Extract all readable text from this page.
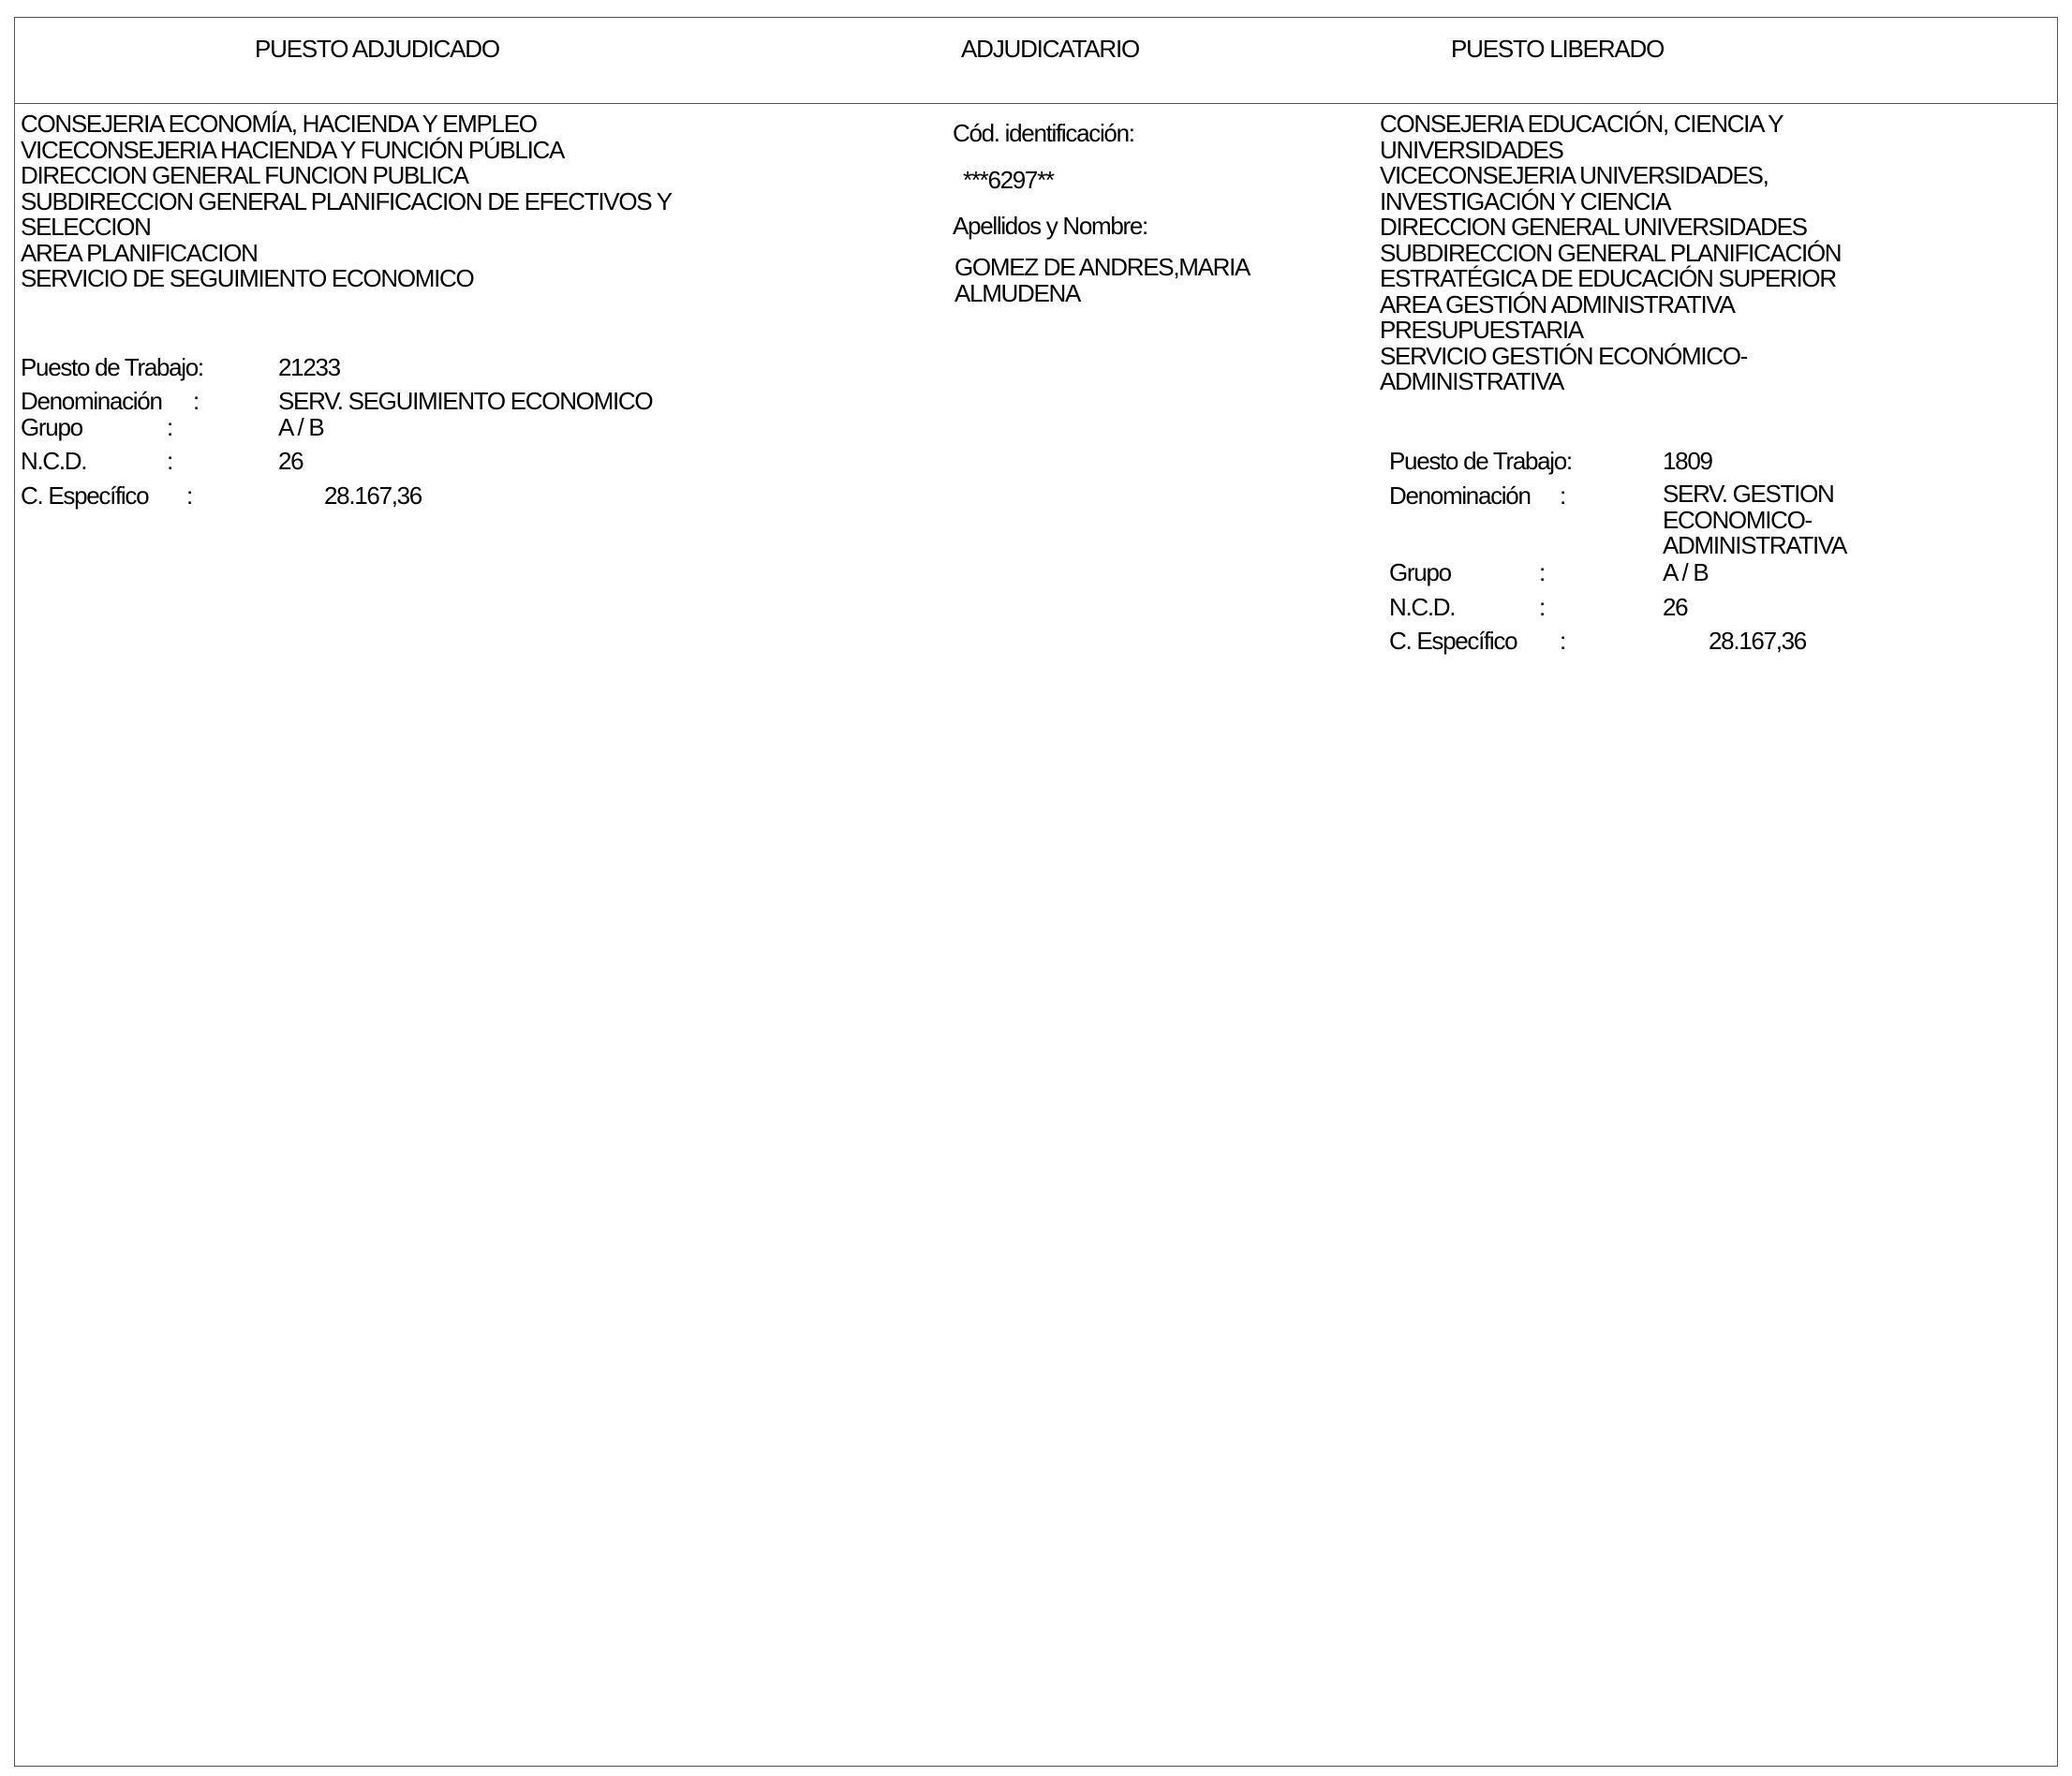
PUESTO ADJUDICADO	ADJUDICATARIO	PUESTO LIBERADO
CONSEJERIA ECONOMÍA, HACIENDA Y EMPLEO
VICECONSEJERIA HACIENDA Y FUNCIÓN PÚBLICA
DIRECCION GENERAL FUNCION PUBLICA
SUBDIRECCION GENERAL PLANIFICACION DE EFECTIVOS Y
SELECCION
AREA PLANIFICACION
SERVICIO DE SEGUIMIENTO ECONOMICO
Puesto de Trabajo:	21233
Denominación :	SERV. SEGUIMIENTO ECONOMICO
Grupo	:	A / B
N.C.D.	:	26
C. Específico :	28.167,36
Cód. identificación:
***6297**
Apellidos y Nombre:
GOMEZ DE ANDRES,MARIA
ALMUDENA
CONSEJERIA EDUCACIÓN, CIENCIA Y
UNIVERSIDADES
VICECONSEJERIA UNIVERSIDADES,
INVESTIGACIÓN Y CIENCIA
DIRECCION GENERAL UNIVERSIDADES
SUBDIRECCION GENERAL PLANIFICACIÓN
ESTRATÉGICA DE EDUCACIÓN SUPERIOR
AREA GESTIÓN ADMINISTRATIVA
PRESUPUESTARIA
SERVICIO GESTIÓN ECONÓMICO-
ADMINISTRATIVA
Puesto de Trabajo:	1809
Denominación :	SERV. GESTION
ECONOMICO-
ADMINISTRATIVA
Grupo	:	A / B
N.C.D.	:	26
C. Específico :	28.167,36
